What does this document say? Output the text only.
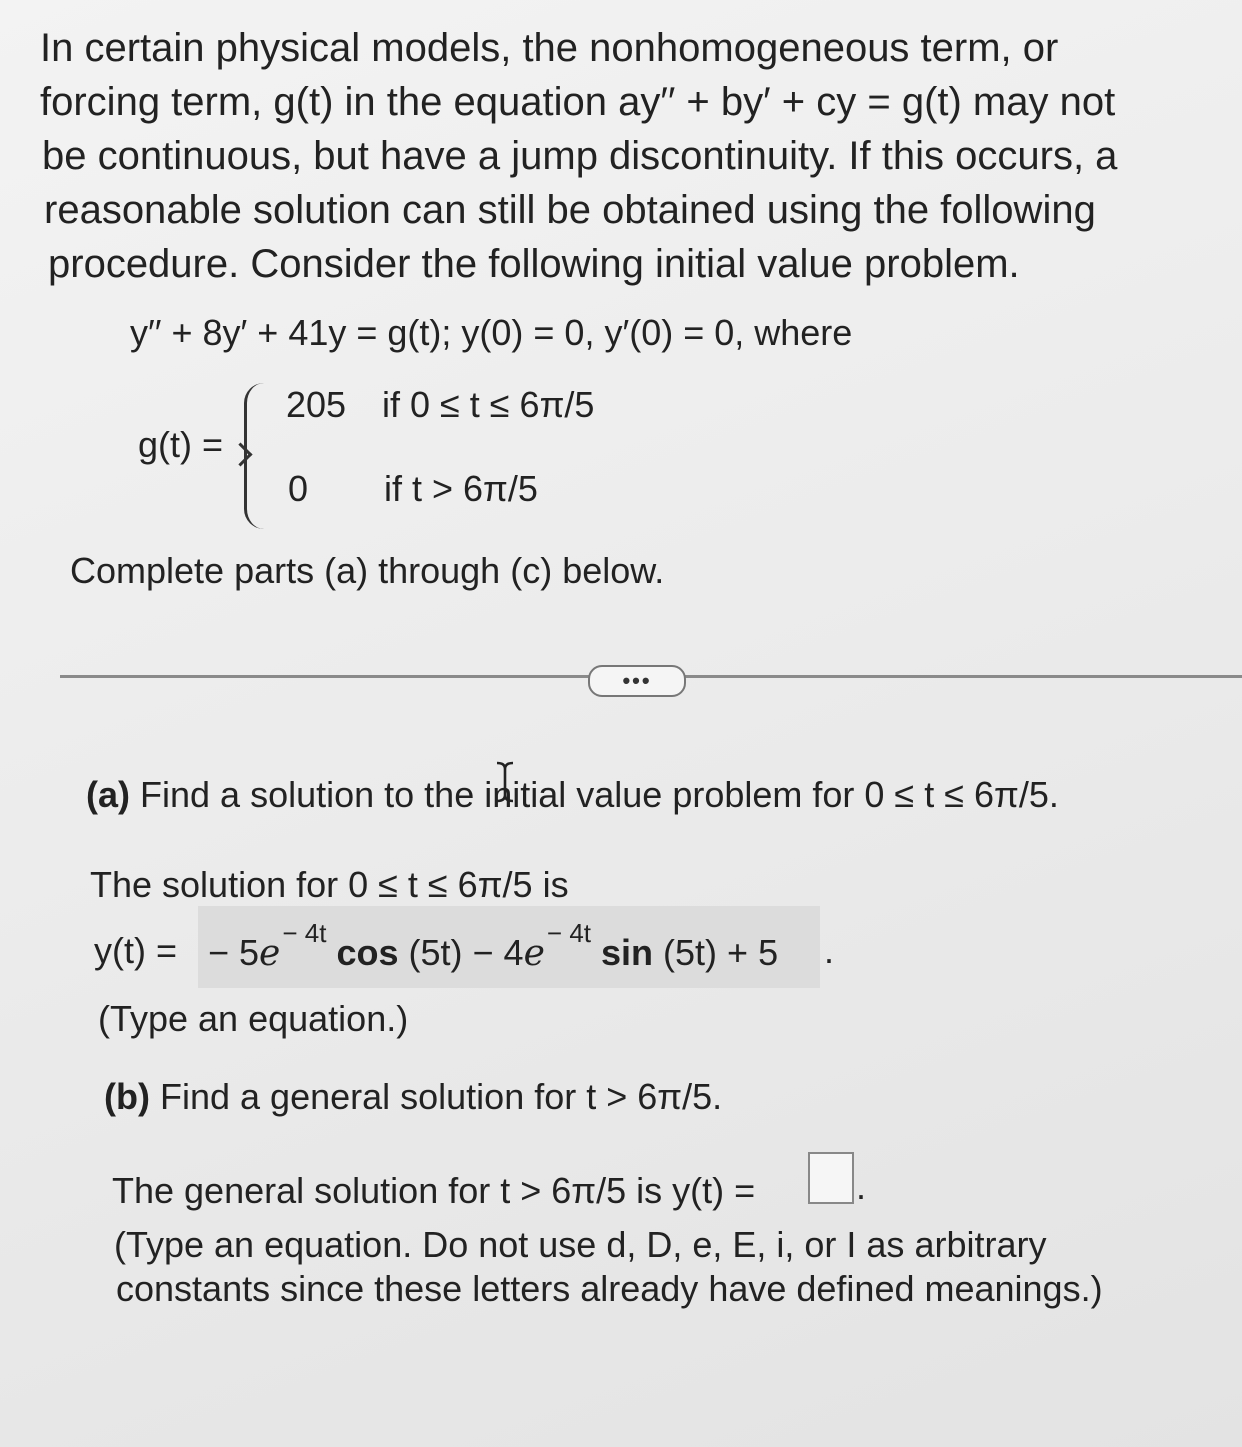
In certain physical models, the nonhomogeneous term, or
forcing term, g(t) in the equation ay′′ + by′ + cy = g(t) may not
be continuous, but have a jump discontinuity. If this occurs, a
reasonable solution can still be obtained using the following
procedure. Consider the following initial value problem.
y′′ + 8y′ + 41y = g(t); y(0) = 0, y′(0) = 0, where
g(t) =
205 if 0 ≤ t ≤ 6π/5
0 if t > 6π/5
Complete parts (a) through (c) below.
•••
(a) Find a solution to the initial value problem for 0 ≤ t ≤ 6π/5.
The solution for 0 ≤ t ≤ 6π/5 is
y(t) = − $5e^{- 4t}$ $\cos (5t) - 4e^{- 4t}$ sin (5t) + 5 .
(Type an equation.)
(b) Find a general solution for t > 6π/5.
The general solution for t > 6π/5 is y(t) =	.
(Type an equation. Do not use d, D, e, E, i, or I as arbitrary
constants since these letters already have defined meanings.)
